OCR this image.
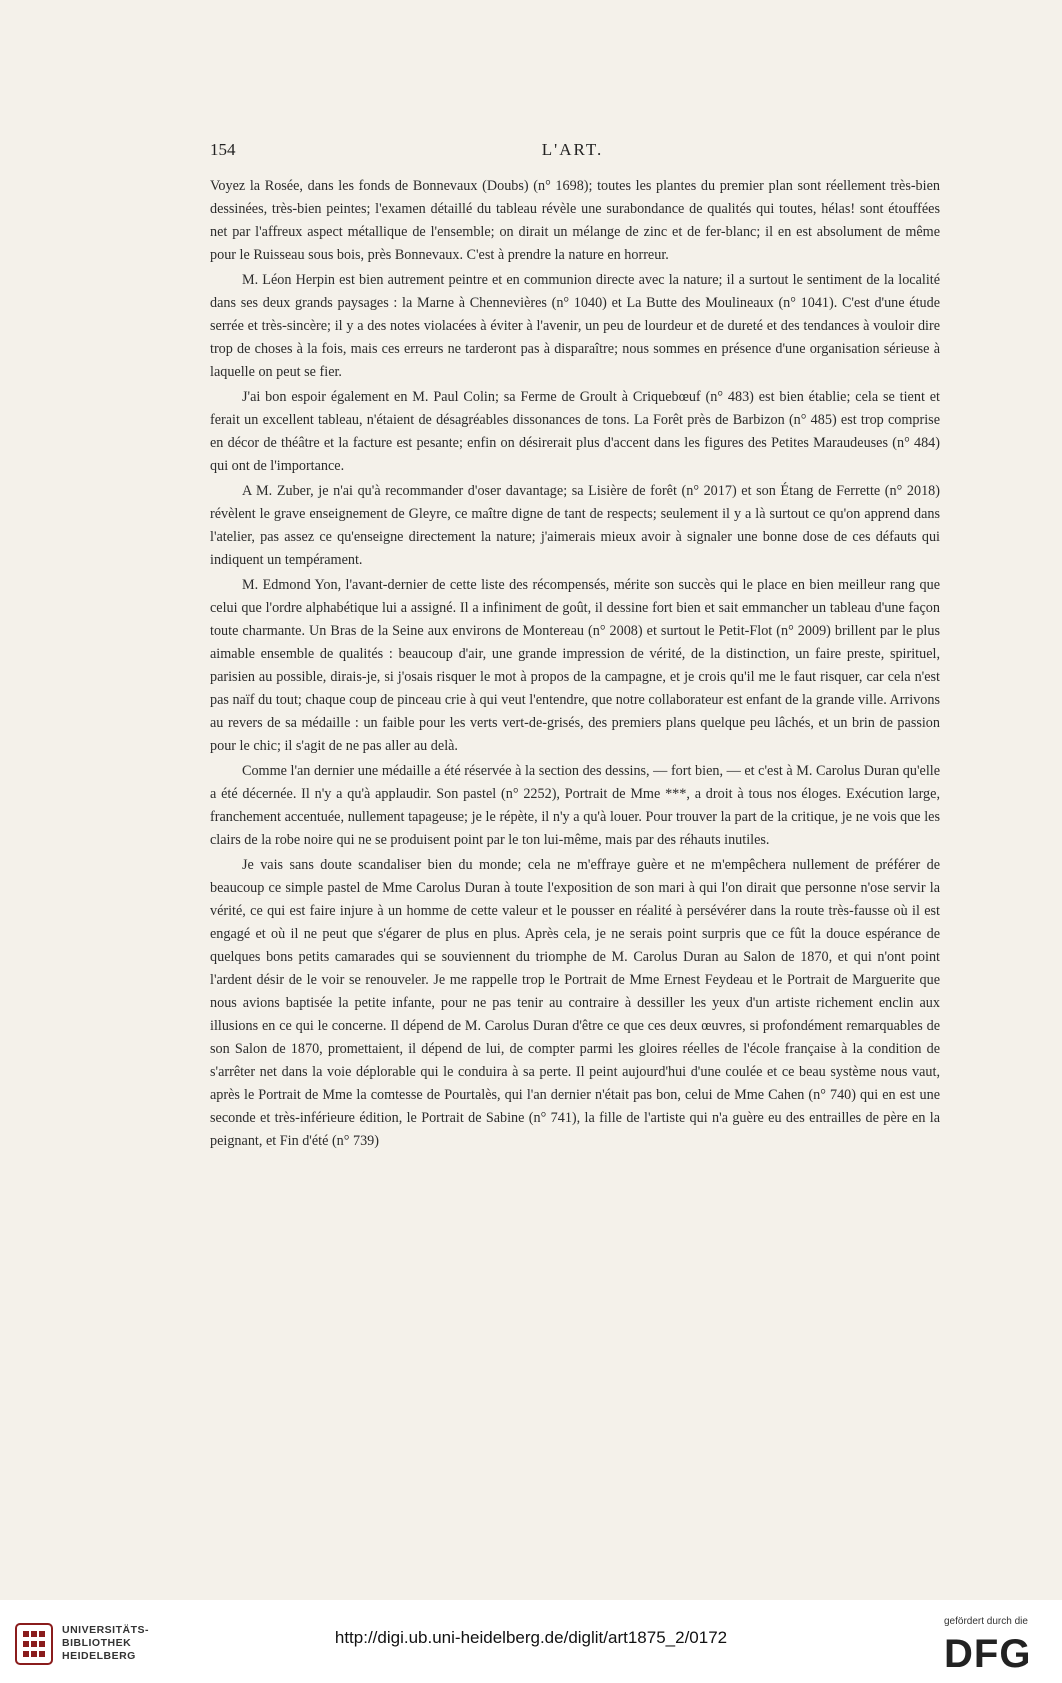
154	L'ART.

Voyez la Rosée, dans les fonds de Bonnevaux (Doubs) (n° 1698); toutes les plantes du premier plan sont réellement très-bien dessinées, très-bien peintes; l'examen détaillé du tableau révèle une surabondance de qualités qui toutes, hélas! sont étouffées net par l'affreux aspect métallique de l'ensemble; on dirait un mélange de zinc et de fer-blanc; il en est absolument de même pour le Ruisseau sous bois, près Bonnevaux. C'est à prendre la nature en horreur.

M. Léon Herpin est bien autrement peintre et en communion directe avec la nature; il a surtout le sentiment de la localité dans ses deux grands paysages : la Marne à Chennevières (n° 1040) et La Butte des Moulineaux (n° 1041). C'est d'une étude serrée et très-sincère; il y a des notes violacées à éviter à l'avenir, un peu de lourdeur et de dureté et des tendances à vouloir dire trop de choses à la fois, mais ces erreurs ne tarderont pas à disparaître; nous sommes en présence d'une organisation sérieuse à laquelle on peut se fier.

J'ai bon espoir également en M. Paul Colin; sa Ferme de Groult à Criquebœuf (n° 483) est bien établie; cela se tient et ferait un excellent tableau, n'étaient de désagréables dissonances de tons. La Forêt près de Barbizon (n° 485) est trop comprise en décor de théâtre et la facture est pesante; enfin on désirerait plus d'accent dans les figures des Petites Maraudeuses (n° 484) qui ont de l'importance.

A M. Zuber, je n'ai qu'à recommander d'oser davantage; sa Lisière de forêt (n° 2017) et son Étang de Ferrette (n° 2018) révèlent le grave enseignement de Gleyre, ce maître digne de tant de respects; seulement il y a là surtout ce qu'on apprend dans l'atelier, pas assez ce qu'enseigne directement la nature; j'aimerais mieux avoir à signaler une bonne dose de ces défauts qui indiquent un tempérament.

M. Edmond Yon, l'avant-dernier de cette liste des récompensés, mérite son succès qui le place en bien meilleur rang que celui que l'ordre alphabétique lui a assigné. Il a infiniment de goût, il dessine fort bien et sait emmancher un tableau d'une façon toute charmante. Un Bras de la Seine aux environs de Montereau (n° 2008) et surtout le Petit-Flot (n° 2009) brillent par le plus aimable ensemble de qualités : beaucoup d'air, une grande impression de vérité, de la distinction, un faire preste, spirituel, parisien au possible, dirais-je, si j'osais risquer le mot à propos de la campagne, et je crois qu'il me le faut risquer, car cela n'est pas naïf du tout; chaque coup de pinceau crie à qui veut l'entendre, que notre collaborateur est enfant de la grande ville. Arrivons au revers de sa médaille : un faible pour les verts vert-de-grisés, des premiers plans quelque peu lâchés, et un brin de passion pour le chic; il s'agit de ne pas aller au delà.

Comme l'an dernier une médaille a été réservée à la section des dessins, — fort bien, — et c'est à M. Carolus Duran qu'elle a été décernée. Il n'y a qu'à applaudir. Son pastel (n° 2252), Portrait de Mme ***, a droit à tous nos éloges. Exécution large, franchement accentuée, nullement tapageuse; je le répète, il n'y a qu'à louer. Pour trouver la part de la critique, je ne vois que les clairs de la robe noire qui ne se produisent point par le ton lui-même, mais par des réhauts inutiles.

Je vais sans doute scandaliser bien du monde; cela ne m'effraye guère et ne m'empêchera nullement de préférer de beaucoup ce simple pastel de Mme Carolus Duran à toute l'exposition de son mari à qui l'on dirait que personne n'ose servir la vérité, ce qui est faire injure à un homme de cette valeur et le pousser en réalité à persévérer dans la route très-fausse où il est engagé et où il ne peut que s'égarer de plus en plus. Après cela, je ne serais point surpris que ce fût la douce espérance de quelques bons petits camarades qui se souviennent du triomphe de M. Carolus Duran au Salon de 1870, et qui n'ont point l'ardent désir de le voir se renouveler. Je me rappelle trop le Portrait de Mme Ernest Feydeau et le Portrait de Marguerite que nous avions baptisée la petite infante, pour ne pas tenir au contraire à dessiller les yeux d'un artiste richement enclin aux illusions en ce qui le concerne. Il dépend de M. Carolus Duran d'être ce que ces deux œuvres, si profondément remarquables de son Salon de 1870, promettaient, il dépend de lui, de compter parmi les gloires réelles de l'école française à la condition de s'arrêter net dans la voie déplorable qui le conduira à sa perte. Il peint aujourd'hui d'une coulée et ce beau système nous vaut, après le Portrait de Mme la comtesse de Pourtalès, qui l'an dernier n'était pas bon, celui de Mme Cahen (n° 740) qui en est une seconde et très-inférieure édition, le Portrait de Sabine (n° 741), la fille de l'artiste qui n'a guère eu des entrailles de père en la peignant, et Fin d'été (n° 739)

UNIVERSITÄTS-
BIBLIOTHEK
HEIDELBERG
http://digi.ub.uni-heidelberg.de/diglit/art1875_2/0172
gefördert durch die
DFG
